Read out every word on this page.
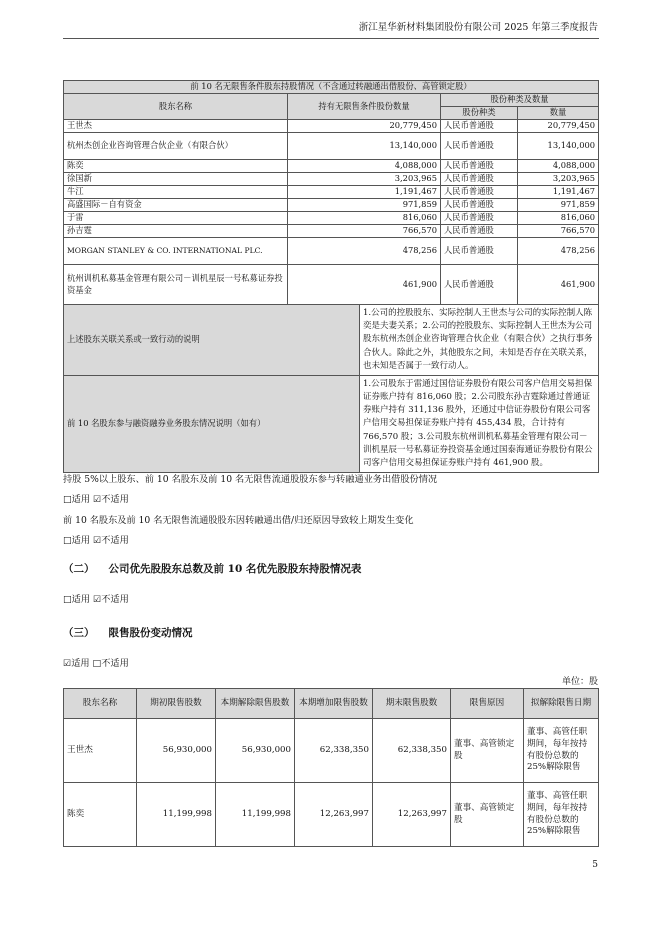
浙江星华新材料集团股份有限公司 2025 年第三季度报告
前 10 名无限售条件股东持股情况（不含通过转融通出借股份、高管锁定股）				
股东名称	持有无限售条件股份数量		股份种类及数量	
			股份种类	数量
王世杰	20,779,450		人民币普通股	20,779,450
杭州杰创企业咨询管理合伙企业（有限合伙）	13,140,000		人民币普通股	13,140,000
陈奕	4,088,000		人民币普通股	4,088,000
徐国新	3,203,965		人民币普通股	3,203,965
牛江	1,191,467		人民币普通股	1,191,467
高盛国际－自有资金	971,859		人民币普通股	971,859
于雷	816,060		人民币普通股	816,060
孙吉霆	766,570		人民币普通股	766,570
MORGAN STANLEY & CO. INTERNATIONAL PLC.	478,256		人民币普通股	478,256
杭州训机私募基金管理有限公司－训机星辰一号私募证券投资基金	461,900		人民币普通股	461,900
上述股东关联关系或一致行动的说明		1.公司的控股股东、实际控制人王世杰与公司的实际控制人陈奕是夫妻关系；2.公司的控股股东、实际控制人王世杰为公司股东杭州杰创企业咨询管理合伙企业（有限合伙）之执行事务合伙人。除此之外，其他股东之间，未知是否存在关联关系，也未知是否属于一致行动人。		
前 10 名股东参与融资融券业务股东情况说明（如有）		1.公司股东于雷通过国信证券股份有限公司客户信用交易担保证券账户持有 816,060 股；2.公司股东孙吉霆除通过普通证券账户持有 311,136 股外，还通过中信证券股份有限公司客户信用交易担保证券账户持有 455,434 股，合计持有 766,570 股；3.公司股东杭州训机私募基金管理有限公司－训机星辰一号私募证券投资基金通过国泰海通证券股份有限公司客户信用交易担保证券账户持有 461,900 股。		
持股 5%以上股东、前 10 名股东及前 10 名无限售流通股股东参与转融通业务出借股份情况
□适用 ☑不适用
前 10 名股东及前 10 名无限售流通股股东因转融通出借/归还原因导致较上期发生变化
□适用 ☑不适用
（二） 公司优先股股东总数及前 10 名优先股股东持股情况表
□适用 ☑不适用
（三） 限售股份变动情况
☑适用 □不适用
单位：股
股东名称	期初限售股数	本期解除限售股数	本期增加限售股数	期末限售股数	限售原因	拟解除限售日期
王世杰	56,930,000	56,930,000	62,338,350	62,338,350	董事、高管锁定股	董事、高管任职期间，每年按持有股份总数的 25%解除限售
陈奕	11,199,998	11,199,998	12,263,997	12,263,997	董事、高管锁定股	董事、高管任职期间，每年按持有股份总数的 25%解除限售
5
